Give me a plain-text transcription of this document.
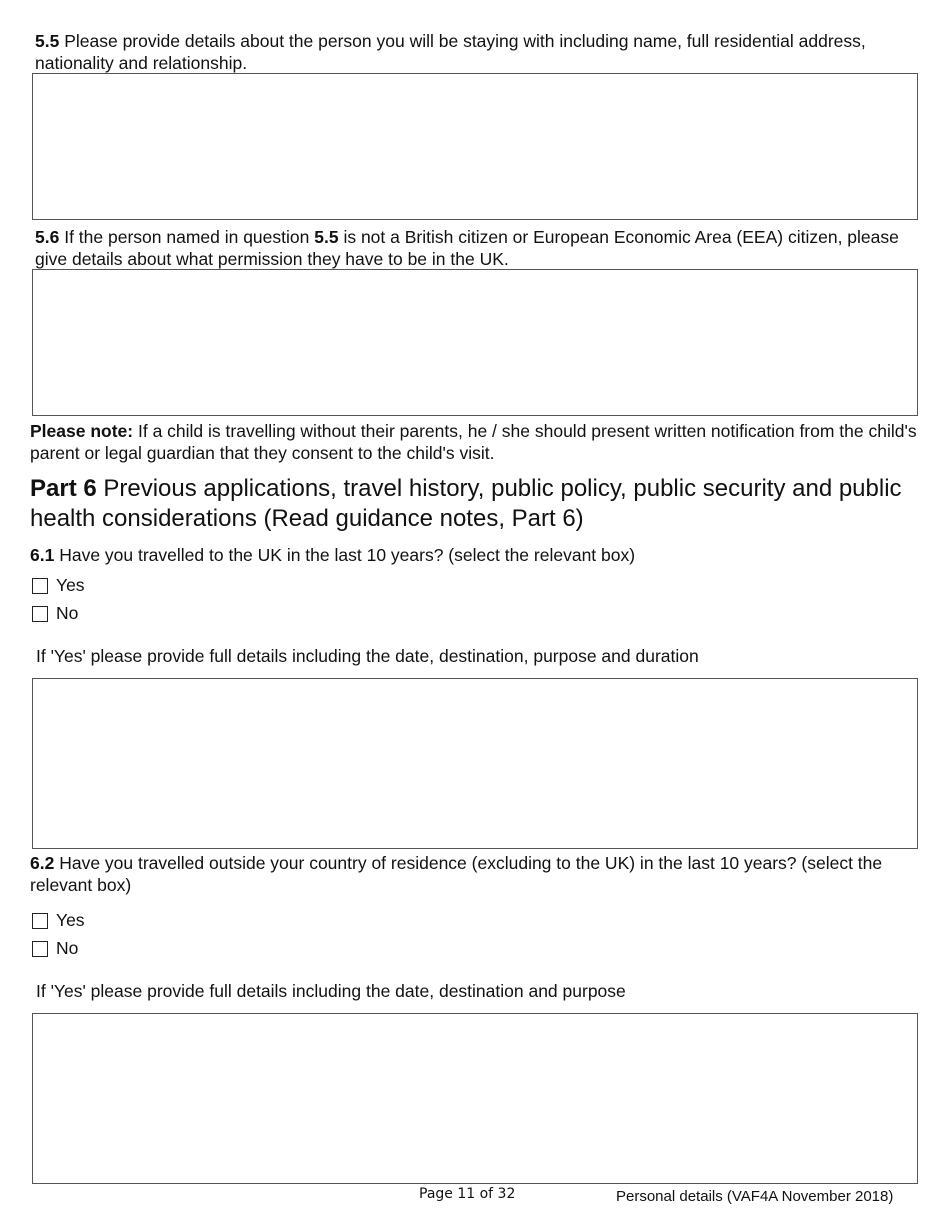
5.5 Please provide details about the person you will be staying with including name, full residential address, nationality and relationship.
5.6 If the person named in question 5.5 is not a British citizen or European Economic Area (EEA) citizen, please give details about what permission they have to be in the UK.
Please note: If a child is travelling without their parents, he / she should present written notification from the child's parent or legal guardian that they consent to the child's visit.
Part 6 Previous applications, travel history, public policy, public security and public health considerations (Read guidance notes, Part 6)
6.1 Have you travelled to the UK in the last 10 years? (select the relevant box)
Yes
No
If 'Yes' please provide full details including the date, destination, purpose and duration
6.2 Have you travelled outside your country of residence (excluding to the UK) in the last 10 years? (select the relevant box)
Yes
No
If 'Yes' please provide full details including the date, destination and purpose
Page 11 of 32	Personal details (VAF4A November 2018)
